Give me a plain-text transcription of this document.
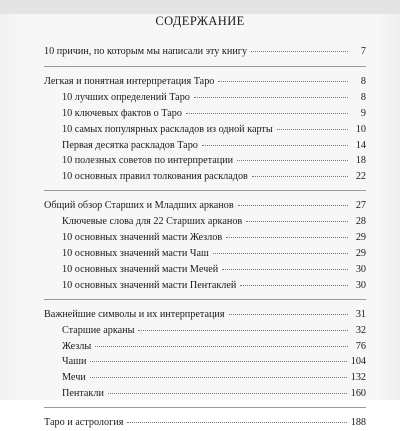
СОДЕРЖАНИЕ
10 причин, по которым мы написали эту книгу	7
Легкая и понятная интерпретация Таро	8
10 лучших определений Таро	8
10 ключевых фактов о Таро	9
10 самых популярных раскладов из одной карты	10
Первая десятка раскладов Таро	14
10 полезных советов по интерпретации	18
10 основных правил толкования раскладов	22
Общий обзор Старших и Младших арканов	27
Ключевые слова для 22 Старших арканов	28
10 основных значений масти Жезлов	29
10 основных значений масти Чаш	29
10 основных значений масти Мечей	30
10 основных значений масти Пентаклей	30
Важнейшие символы и их интерпретация	31
Старшие арканы	32
Жезлы	76
Чаши	104
Мечи	132
Пентакли	160
Таро и астрология	188
